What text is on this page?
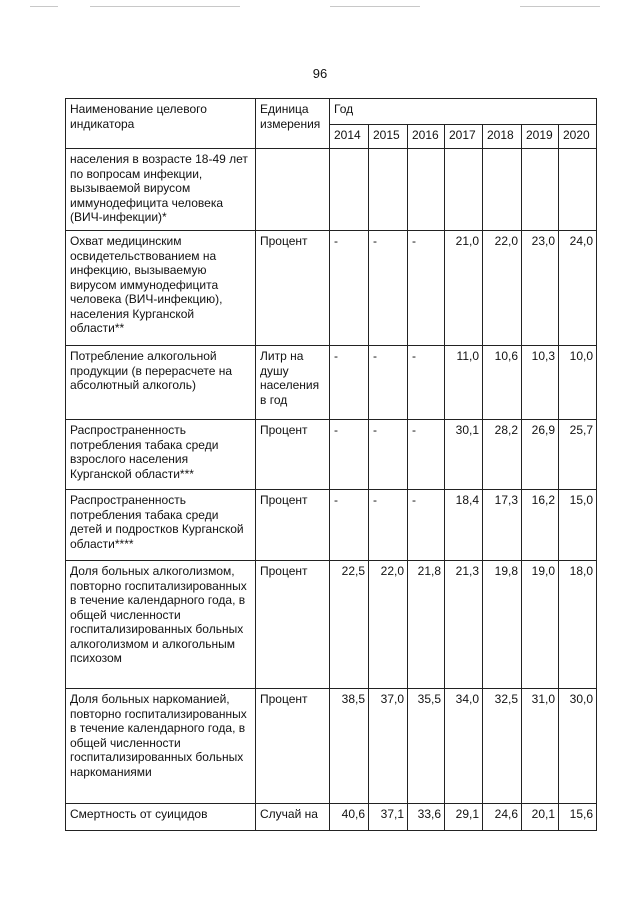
96
Наименование целевого индикатора	Единица измерения	Год						
		2014	2015	2016	2017	2018	2019	2020
населения в возрасте 18-49 лет по вопросам инфекции, вызываемой вирусом иммунодефицита человека (ВИЧ-инфекции)*								
Охват медицинским освидетельствованием на инфекцию, вызываемую вирусом иммунодефицита человека (ВИЧ-инфекцию), населения Курганской области**	Процент	-	-	-	21,0	22,0	23,0	24,0
Потребление алкогольной продукции (в перерасчете на абсолютный алкоголь)	Литр на душу населения в год	-	-	-	11,0	10,6	10,3	10,0
Распространенность потребления табака среди взрослого населения Курганской области***	Процент	-	-	-	30,1	28,2	26,9	25,7
Распространенность потребления табака среди детей и подростков Курганской области****	Процент	-	-	-	18,4	17,3	16,2	15,0
Доля больных алкоголизмом, повторно госпитализированных в течение календарного года, в общей численности госпитализированных больных алкоголизмом и алкогольным психозом	Процент	22,5	22,0	21,8	21,3	19,8	19,0	18,0
Доля больных наркоманией, повторно госпитализированных в течение календарного года, в общей численности госпитализированных больных наркоманиями	Процент	38,5	37,0	35,5	34,0	32,5	31,0	30,0
Смертность от суицидов	Случай на	40,6	37,1	33,6	29,1	24,6	20,1	15,6
